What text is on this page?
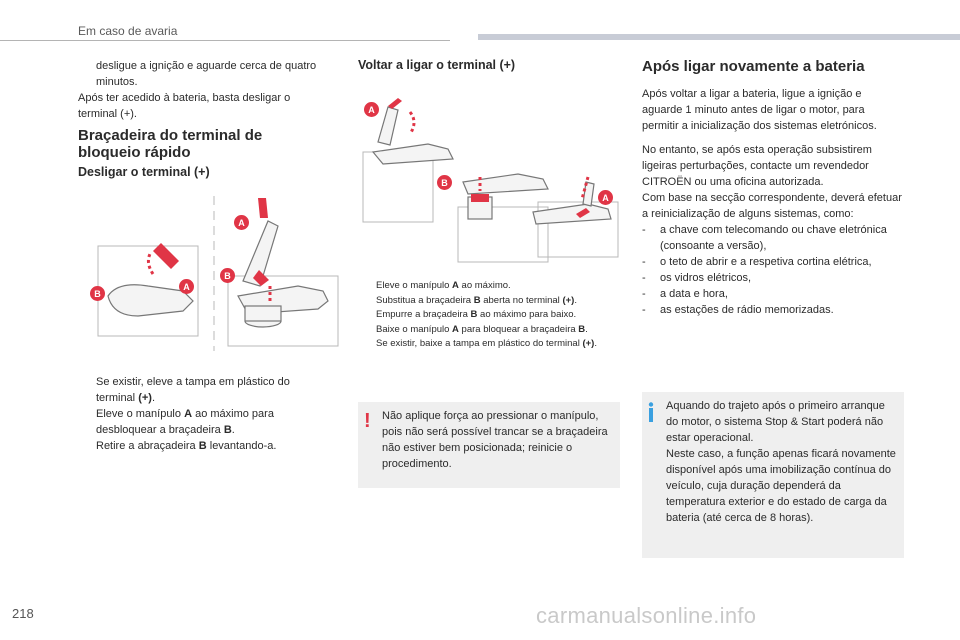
Em caso de avaria
desligue a ignição e aguarde cerca de quatro minutos.

Após ter acedido à bateria, basta desligar o terminal (+).

Braçadeira do terminal de bloqueio rápido
Desligar o terminal (+)
A
B
B
A
Se existir, eleve a tampa em plástico do terminal (+).
Eleve o manípulo A ao máximo para desbloquear a braçadeira B.
Retire a abraçadeira B levantando-a.
Voltar a ligar o terminal (+)
A
B
A
Eleve o manípulo A ao máximo.
Substitua a braçadeira B aberta no terminal (+).
Empurre a braçadeira B ao máximo para baixo.
Baixe o manípulo A para bloquear a braçadeira B.
Se existir, baixe a tampa em plástico do terminal (+).
! Não aplique força ao pressionar o manípulo, pois não será possível trancar se a braçadeira não estiver bem posicionada; reinicie o procedimento.
Após ligar novamente a bateria

Após voltar a ligar a bateria, ligue a ignição e aguarde 1 minuto antes de ligar o motor, para permitir a inicialização dos sistemas eletrónicos.

No entanto, se após esta operação subsistirem ligeiras perturbações, contacte um revendedor CITROËN ou uma oficina autorizada.

Com base na secção correspondente, deverá efetuar a reinicialização de alguns sistemas, como:

- a chave com telecomando ou chave eletrónica (consoante a versão),
- o teto de abrir e a respetiva cortina elétrica,
- os vidros elétricos,
- a data e hora,
- as estações de rádio memorizadas.
Aquando do trajeto após o primeiro arranque do motor, o sistema Stop & Start poderá não estar operacional.
Neste caso, a função apenas ficará novamente disponível após uma imobilização contínua do veículo, cuja duração dependerá da temperatura exterior e do estado de carga da bateria (até cerca de 8 horas).
218	carmanualsonline.info
